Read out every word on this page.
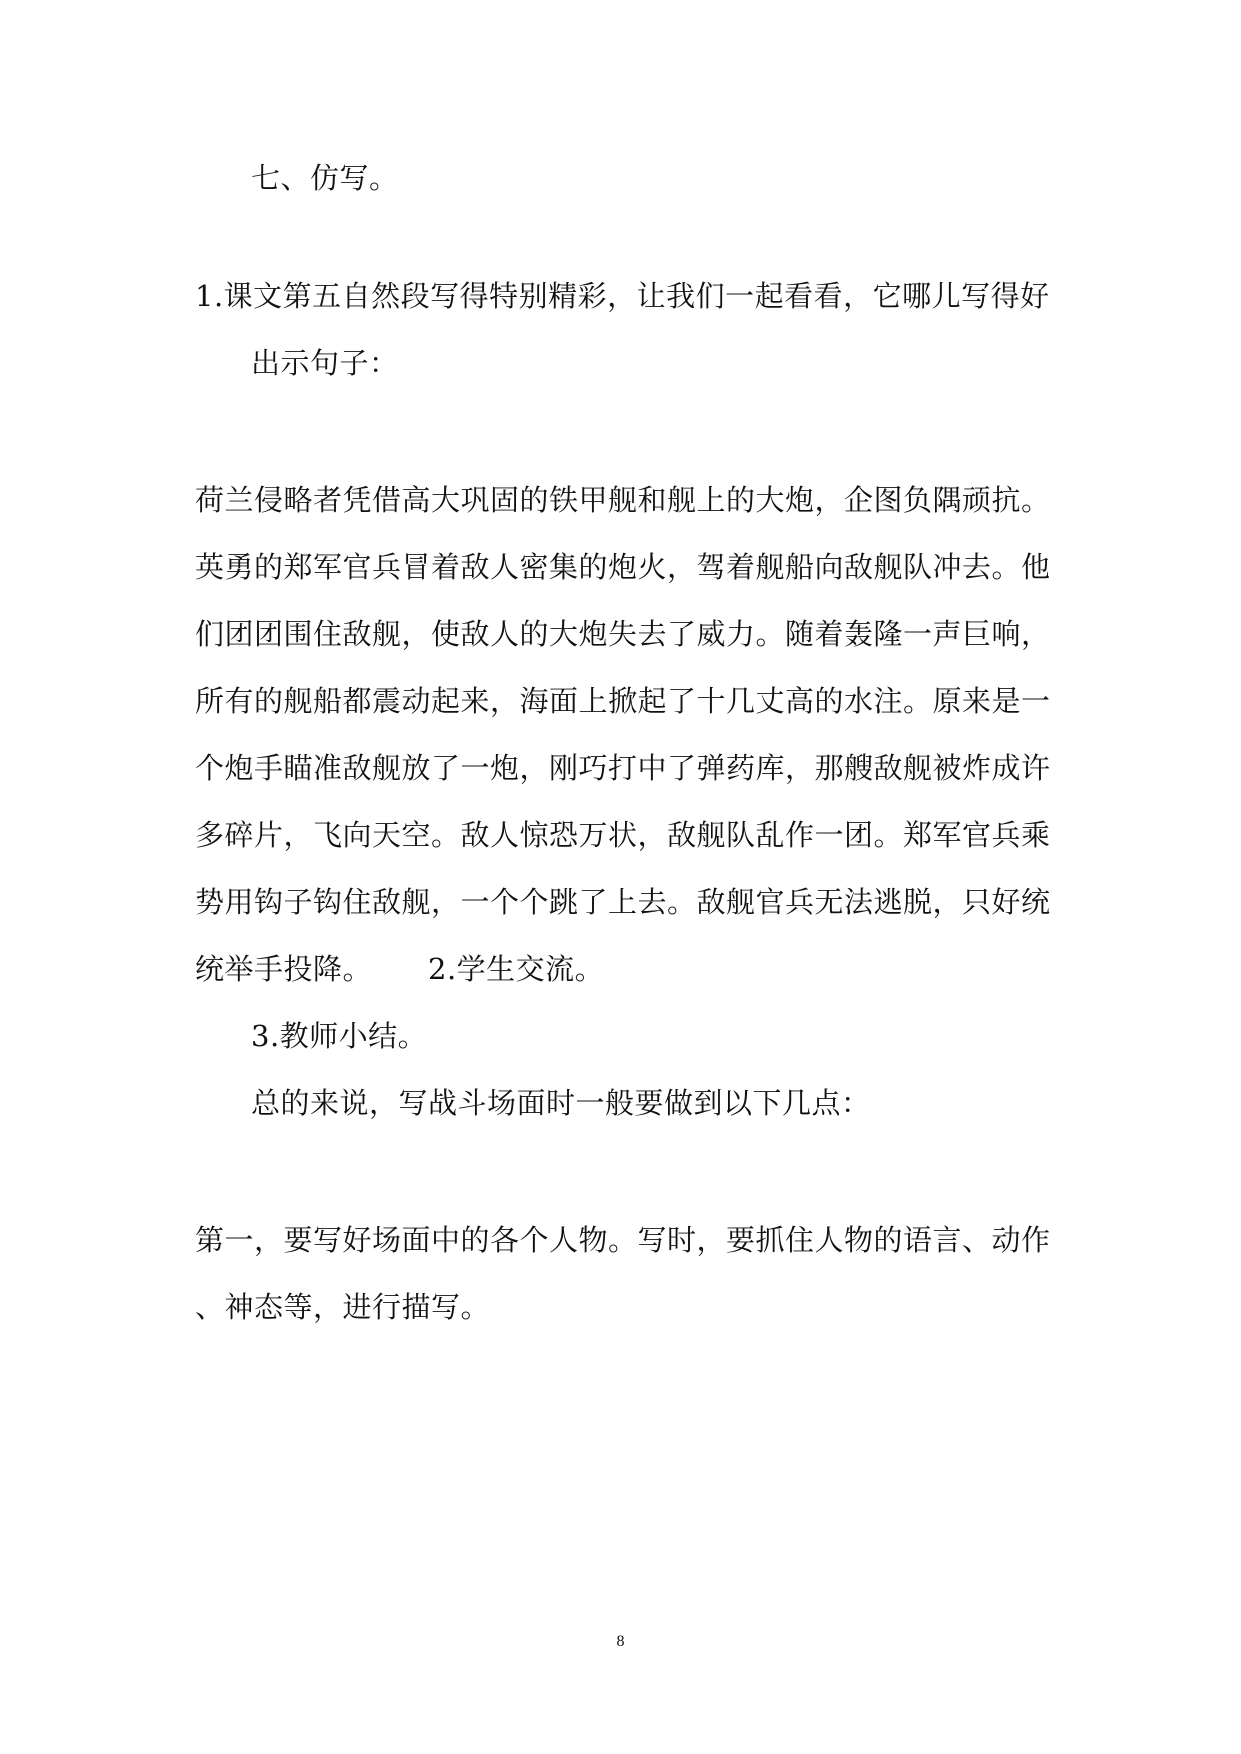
七、仿写。
1.课文第五自然段写得特别精彩，让我们一起看看，它哪儿写得好
出示句子：
荷兰侵略者凭借高大巩固的铁甲舰和舰上的大炮，企图负隅顽抗。
英勇的郑军官兵冒着敌人密集的炮火，驾着舰船向敌舰队冲去。他
们团团围住敌舰，使敌人的大炮失去了威力。随着轰隆一声巨响，
所有的舰船都震动起来，海面上掀起了十几丈高的水注。原来是一
个炮手瞄准敌舰放了一炮，刚巧打中了弹药库，那艘敌舰被炸成许
多碎片，飞向天空。敌人惊恐万状，敌舰队乱作一团。郑军官兵乘
势用钩子钩住敌舰，一个个跳了上去。敌舰官兵无法逃脱，只好统
统举手投降。 2.学生交流。
3.教师小结。
总的来说，写战斗场面时一般要做到以下几点：
第一，要写好场面中的各个人物。写时，要抓住人物的语言、动作
、神态等，进行描写。
8
